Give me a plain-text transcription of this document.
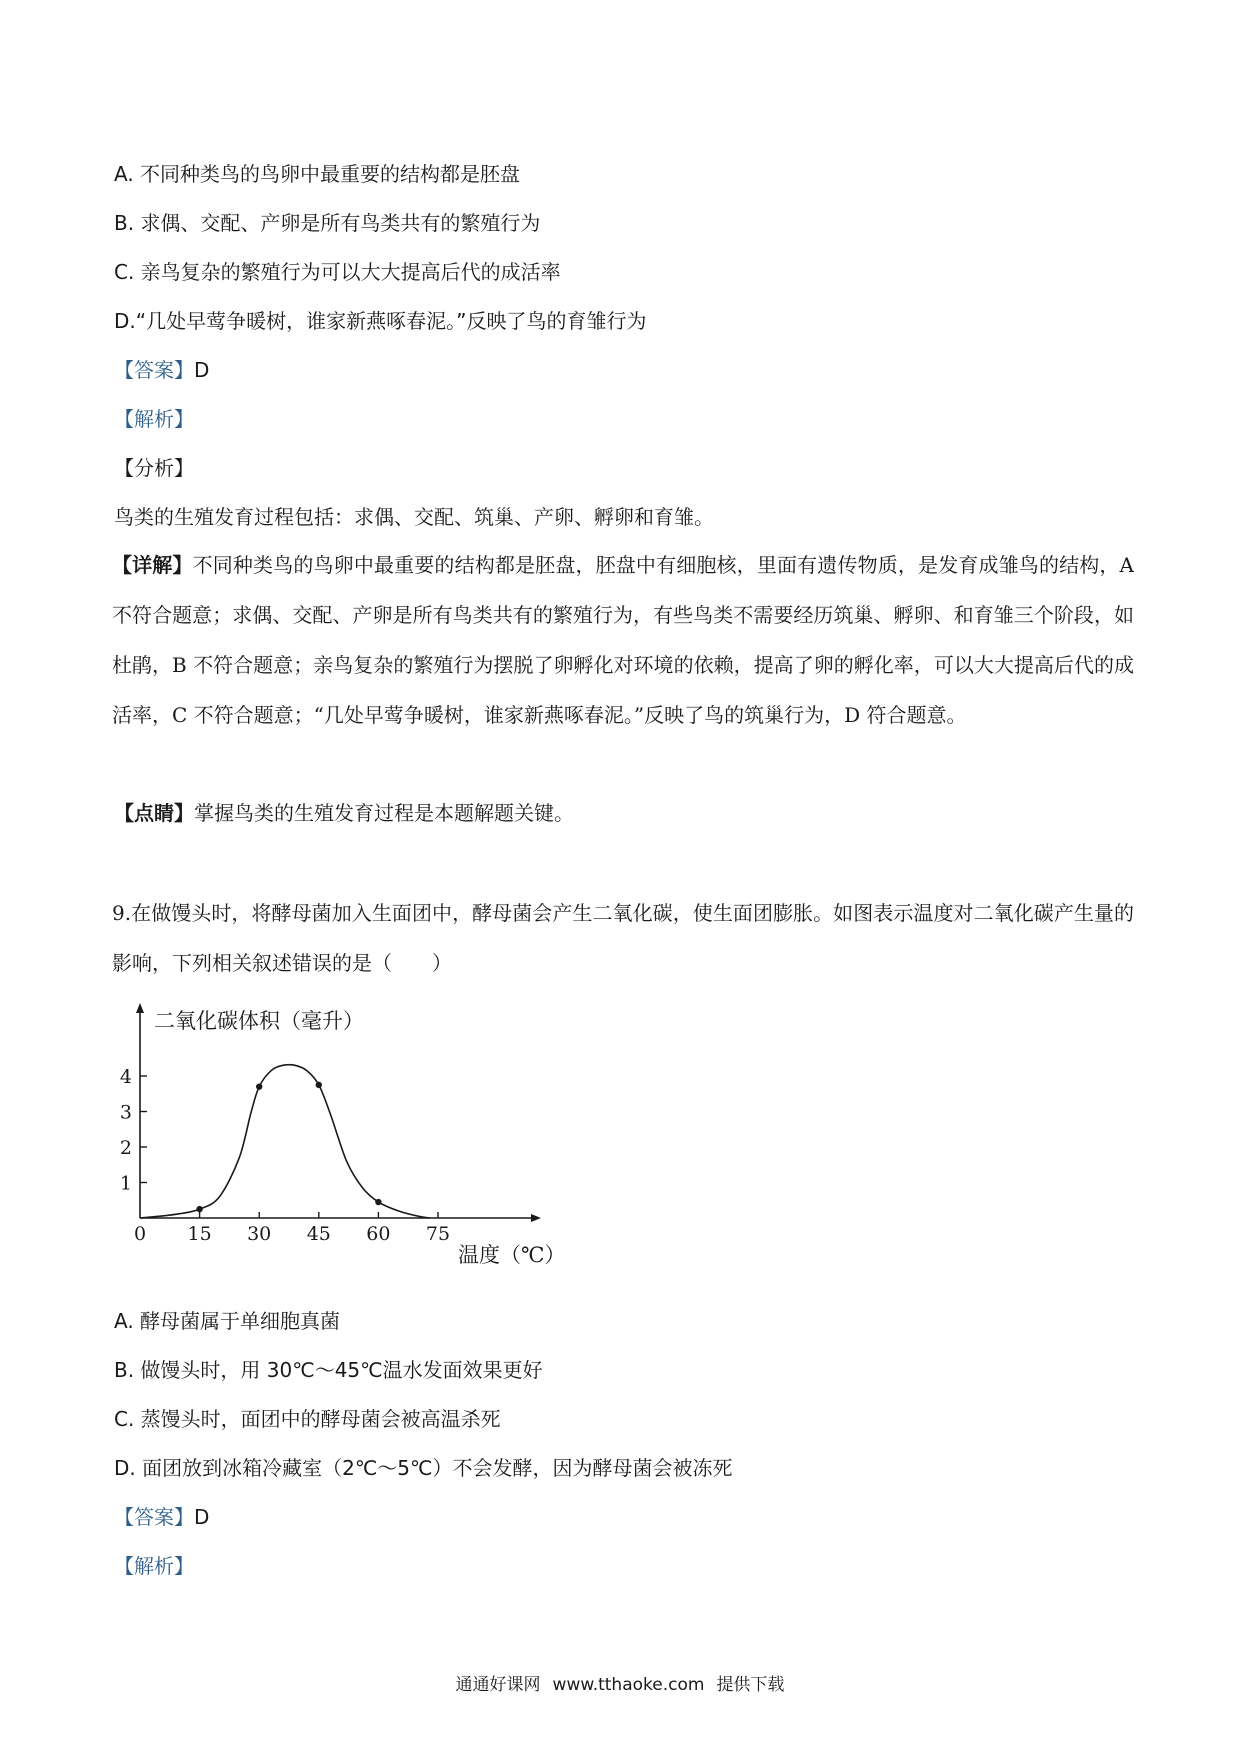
A. 不同种类鸟的鸟卵中最重要的结构都是胚盘
B. 求偶、交配、产卵是所有鸟类共有的繁殖行为
C. 亲鸟复杂的繁殖行为可以大大提高后代的成活率
D.“几处早莺争暖树，谁家新燕啄春泥。”反映了鸟的育雏行为
【答案】D
【解析】
【分析】
鸟类的生殖发育过程包括：求偶、交配、筑巢、产卵、孵卵和育雏。
【详解】不同种类鸟的鸟卵中最重要的结构都是胚盘，胚盘中有细胞核，里面有遗传物质，是发育成雏鸟的结构，A 不符合题意；求偶、交配、产卵是所有鸟类共有的繁殖行为，有些鸟类不需要经历筑巢、孵卵、和育雏三个阶段，如杜鹃，B 不符合题意；亲鸟复杂的繁殖行为摆脱了卵孵化对环境的依赖，提高了卵的孵化率，可以大大提高后代的成活率，C 不符合题意；“几处早莺争暖树，谁家新燕啄春泥。”反映了鸟的筑巢行为，D 符合题意。
【点睛】掌握鸟类的生殖发育过程是本题解题关键。
9.在做馒头时，将酵母菌加入生面团中，酵母菌会产生二氧化碳，使生面团膨胀。如图表示温度对二氧化碳产生量的影响，下列相关叙述错误的是（　　）
二氧化碳体积（毫升）
温度（℃）
0 15 30 45 60 75
1
2
3
4
A. 酵母菌属于单细胞真菌
B. 做馒头时，用 30℃～45℃温水发面效果更好
C. 蒸馒头时，面团中的酵母菌会被高温杀死
D. 面团放到冰箱冷藏室（2℃～5℃）不会发酵，因为酵母菌会被冻死
【答案】D
【解析】
通通好课网 www.tthaoke.com 提供下载
